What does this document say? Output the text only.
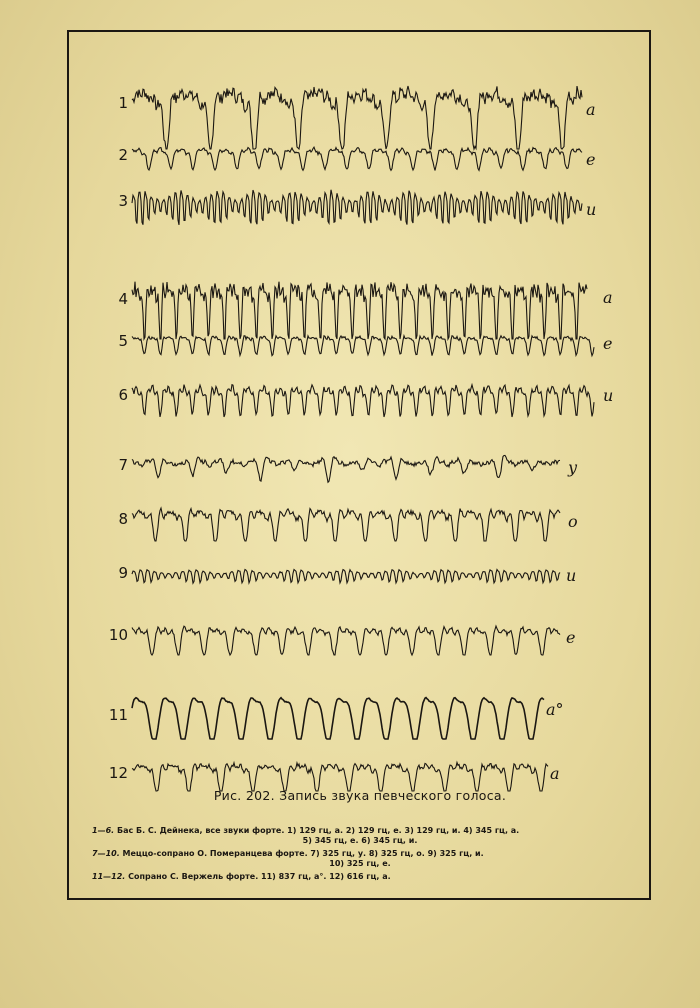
1	а
2	е
3	и
4	а
5	е
6	и
7	у
8	о
9	и
10	е
11	а°
12	а
Рис. 202. Запись звука певческого голоса.
1—6. Бас Б. С. Дейнека, все звуки форте. 1) 129 гц, а. 2) 129 гц, е. 3) 129 гц, и. 4) 345 гц, а.
5) 345 гц, е. 6) 345 гц, и.
7—10. Меццо-сопрано О. Померанцева форте. 7) 325 гц, у. 8) 325 гц, о. 9) 325 гц, и.
10) 325 гц, е.
11—12. Сопрано С. Вержель форте. 11) 837 гц, а°. 12) 616 гц, а.
